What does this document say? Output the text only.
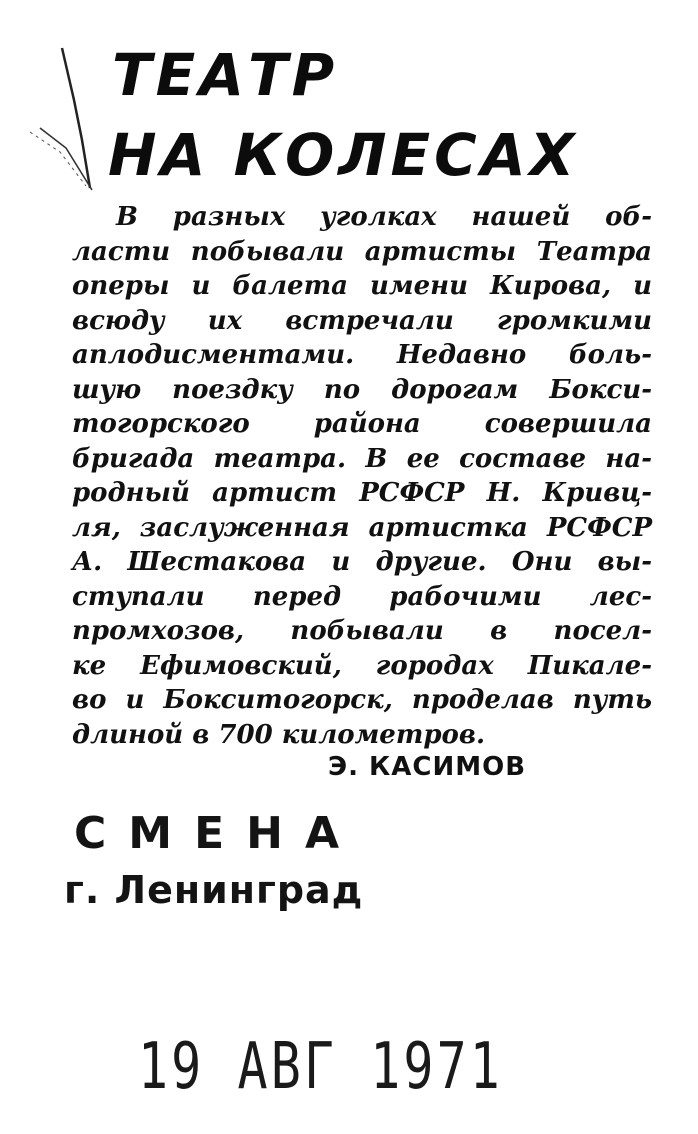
ТЕАТР
НА КОЛЕСАХ
В разных уголках нашей об-
ласти побывали артисты Театра
оперы и балета имени Кирова, и
всюду их встречали громкими
аплодисментами. Недавно боль-
шую поездку по дорогам Бокси-
тогорского района совершила
бригада театра. В ее составе на-
родный артист РСФСР Н. Кривц-
ля, заслуженная артистка РСФСР
А. Шестакова и другие. Они вы-
ступали перед рабочими лес-
промхозов, побывали в посел-
ке Ефимовский, городах Пикале-
во и Бокситогорск, проделав путь
длиной в 700 километров.
Э. КАСИМОВ
СМЕНА
г. Ленинград
19 АВГ 1971
